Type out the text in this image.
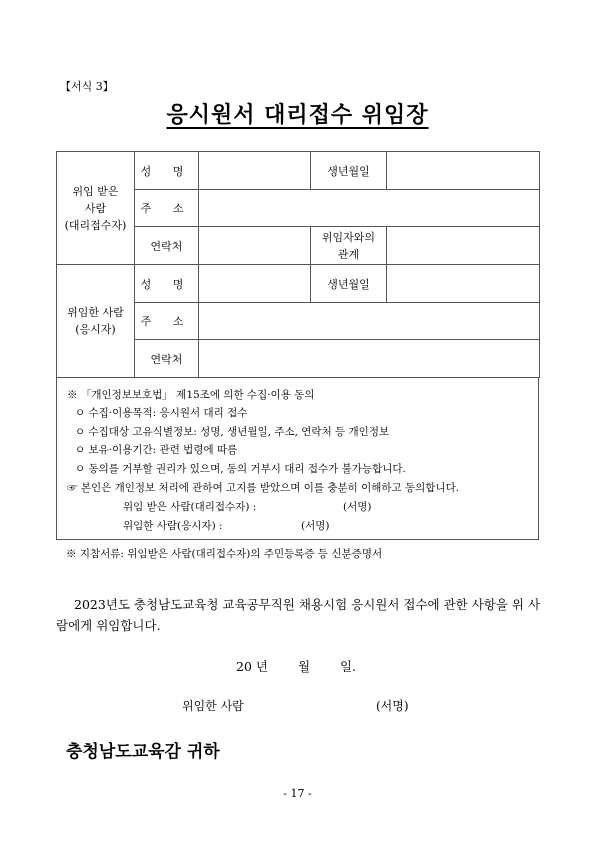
【서식 3】
응시원서 대리접수 위임장
위임 받은
사람
(대리접수자)	성 명		생년월일	
	주 소			
	연락처		위임자와의
관계	

위임한 사람
(응시자)	성 명		생년월일	
	주 소			
	연락처			
※ 「개인정보보호법」 제15조에 의한 수집·이용 동의
ㅇ 수집·이용목적: 응시원서 대리 접수
ㅇ 수집대상 고유식별정보: 성명, 생년월일, 주소, 연락처 등 개인정보
ㅇ 보유·이용기간: 관련 법령에 따름
ㅇ 동의를 거부할 권리가 있으며, 동의 거부시 대리 접수가 불가능합니다.
☞ 본인은 개인정보 처리에 관하여 고지를 받았으며 이를 충분히 이해하고 동의합니다.
위임 받은 사람(대리접수자) :	(서명)
위임한 사람(응시자) :	(서명)
※ 지참서류: 위임받은 사람(대리접수자)의 주민등록증 등 신분증명서
2023년도 충청남도교육청 교육공무직원 채용시험 응시원서 접수에 관한 사항을 위 사람에게 위임합니다.
20 년 월 일.
위임한 사람	(서명)
충청남도교육감 귀하
- 17 -
